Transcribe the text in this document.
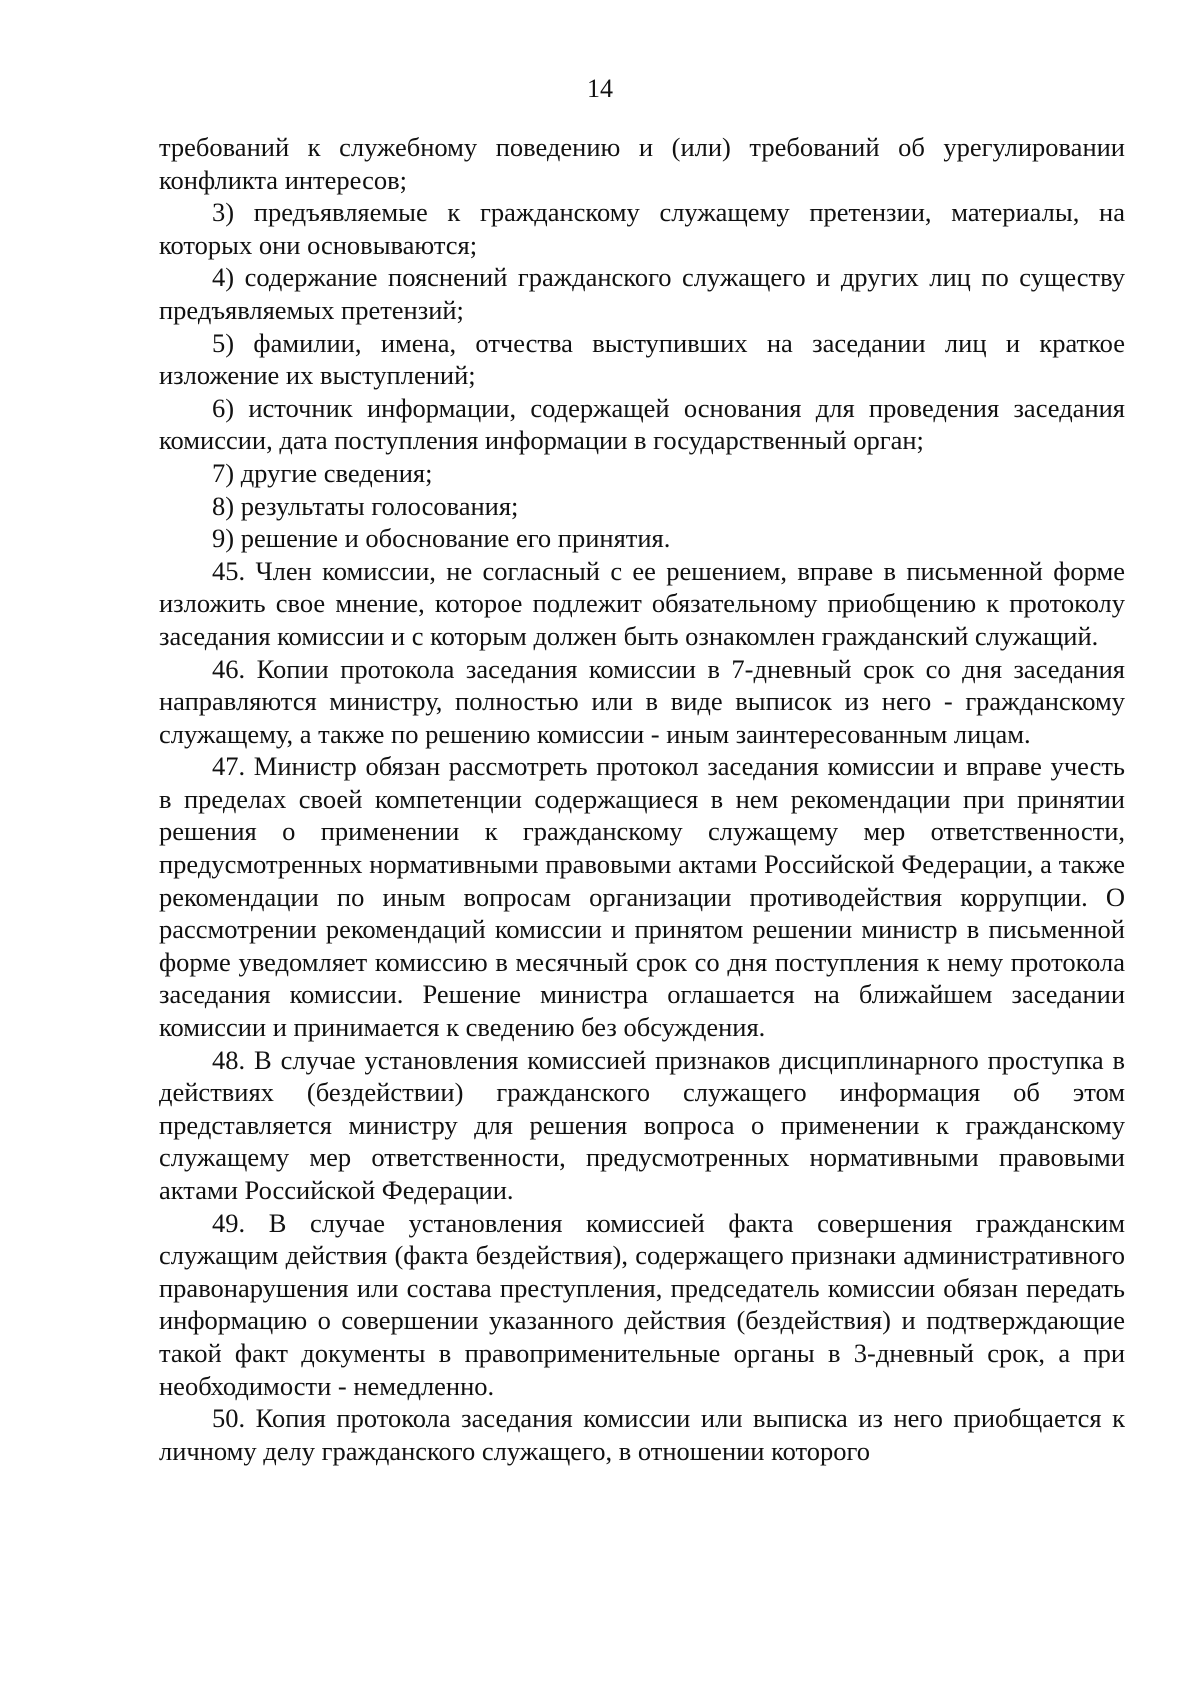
14

требований к служебному поведению и (или) требований об урегулировании конфликта интересов;

3) предъявляемые к гражданскому служащему претензии, материалы, на которых они основываются;

4) содержание пояснений гражданского служащего и других лиц по существу предъявляемых претензий;

5) фамилии, имена, отчества выступивших на заседании лиц и краткое изложение их выступлений;

6) источник информации, содержащей основания для проведения заседания комиссии, дата поступления информации в государственный орган;

7) другие сведения;

8) результаты голосования;

9) решение и обоснование его принятия.

45. Член комиссии, не согласный с ее решением, вправе в письменной форме изложить свое мнение, которое подлежит обязательному приобщению к протоколу заседания комиссии и с которым должен быть ознакомлен гражданский служащий.

46. Копии протокола заседания комиссии в 7-дневный срок со дня заседания направляются министру, полностью или в виде выписок из него - гражданскому служащему, а также по решению комиссии - иным заинтересованным лицам.

47. Министр обязан рассмотреть протокол заседания комиссии и вправе учесть в пределах своей компетенции содержащиеся в нем рекомендации при принятии решения о применении к гражданскому служащему мер ответственности, предусмотренных нормативными правовыми актами Российской Федерации, а также рекомендации по иным вопросам организации противодействия коррупции. О рассмотрении рекомендаций комиссии и принятом решении министр в письменной форме уведомляет комиссию в месячный срок со дня поступления к нему протокола заседания комиссии. Решение министра оглашается на ближайшем заседании комиссии и принимается к сведению без обсуждения.

48. В случае установления комиссией признаков дисциплинарного проступка в действиях (бездействии) гражданского служащего информация об этом представляется министру для решения вопроса о применении к гражданскому служащему мер ответственности, предусмотренных нормативными правовыми актами Российской Федерации.

49. В случае установления комиссией факта совершения гражданским служащим действия (факта бездействия), содержащего признаки административного правонарушения или состава преступления, председатель комиссии обязан передать информацию о совершении указанного действия (бездействия) и подтверждающие такой факт документы в правоприменительные органы в 3-дневный срок, а при необходимости - немедленно.

50. Копия протокола заседания комиссии или выписка из него приобщается к личному делу гражданского служащего, в отношении которого
